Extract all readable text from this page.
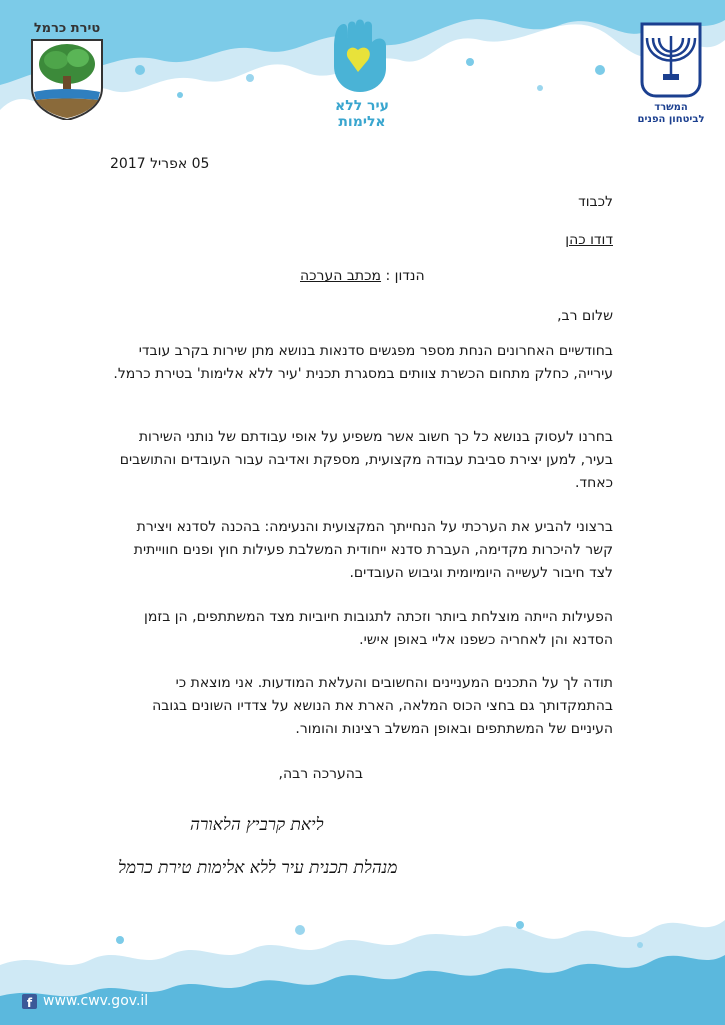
טירת כרמל
עיר ללא אלימות
המשרד לביטחון הפנים
05 אפריל 2017
לכבוד
דודו כהן
הנדון : מכתב הערכה
שלום רב,
בחודשיים האחרונים הנחת מספר מפגשים סדנאות בנושא מתן שירות בקרב עובדי עירייה, כחלק מתחום הכשרת צוותים במסגרת תכנית 'עיר ללא אלימות' בטירת כרמל.
בחרנו לעסוק בנושא כל כך חשוב אשר משפיע על אופי עבודתם של נותני השירות בעיר, למען יצירת סביבת עבודה מקצועית, מספקת ואדיבה עבור העובדים והתושבים כאחד.
ברצוני להביע את הערכתי על הנחייתך המקצועית והנעימה: בהכנה לסדנא ויצירת קשר להיכרות מקדימה, העברת סדנא ייחודית המשלבת פעילות חוץ ופנים חווייתית לצד חיבור לעשייה היומיומית וגיבוש העובדים.
הפעילות הייתה מוצלחת ביותר וזכתה לתגובות חיוביות מצד המשתתפים, הן בזמן הסדנא והן לאחריה כשפנו אליי באופן אישי.
תודה לך על התכנים המעניינים והחשובים והעלאת המודעות. אני מוצאת כי בהתמקדותך גם בחצי הכוס המלאה, הארת את הנושא על צדדיו השונים בגובה העיניים של המשתתפים ובאופן המשלב רצינות והומור.
בהערכה רבה,
ליאת קרביץ הלאורה
מנהלת תכנית עיר ללא אלימות טירת כרמל
f www.cwv.gov.il
